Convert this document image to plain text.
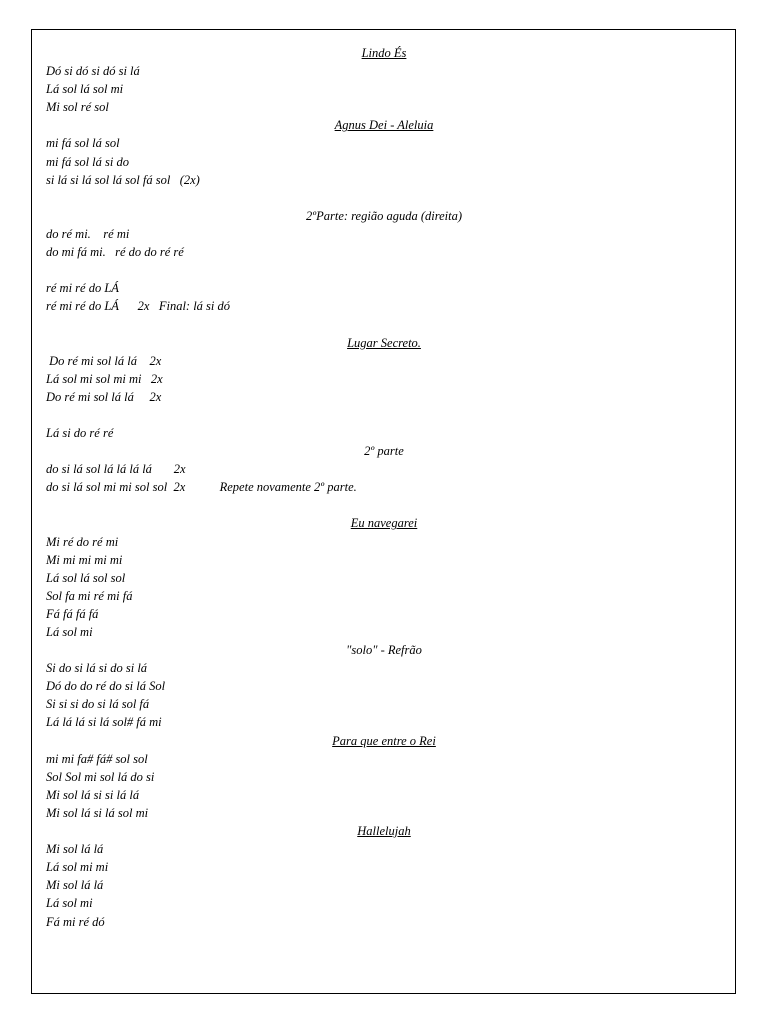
Lindo És
Dó si dó si dó si lá
Lá sol lá sol mi
Mi sol ré sol
Agnus Dei - Aleluia
mi fá sol lá sol
mi fá sol lá si do
si lá si lá sol lá sol fá sol   (2x)
2ºParte: região aguda (direita)
do ré mi.    ré mi
do mi fá mi.   ré do do ré ré
ré mi ré do LÁ
ré mi ré do LÁ      2x   Final: lá si dó
Lugar Secreto.
Do ré mi sol lá lá    2x
Lá sol mi sol mi mi   2x
Do ré mi sol lá lá     2x
Lá si do ré ré
2º parte
do si lá sol lá lá lá lá       2x
do si lá sol mi mi sol sol  2x           Repete novamente 2º parte.
Eu navegarei
Mi ré do ré mi
Mi mi mi mi mi
Lá sol lá sol sol
Sol fa mi ré mi fá
Fá fá fá fá
Lá sol mi
"solo" - Refrão
Si do si lá si do si lá
Dó do do ré do si lá Sol
Si si si do si lá sol fá
Lá lá lá si lá sol# fá mi
Para que entre o Rei
mi mi fa# fá# sol sol
Sol Sol mi sol lá do si
Mi sol lá si si lá lá
Mi sol lá si lá sol mi
Hallelujah
Mi sol lá lá
Lá sol mi mi
Mi sol lá lá
Lá sol mi
Fá mi ré dó
